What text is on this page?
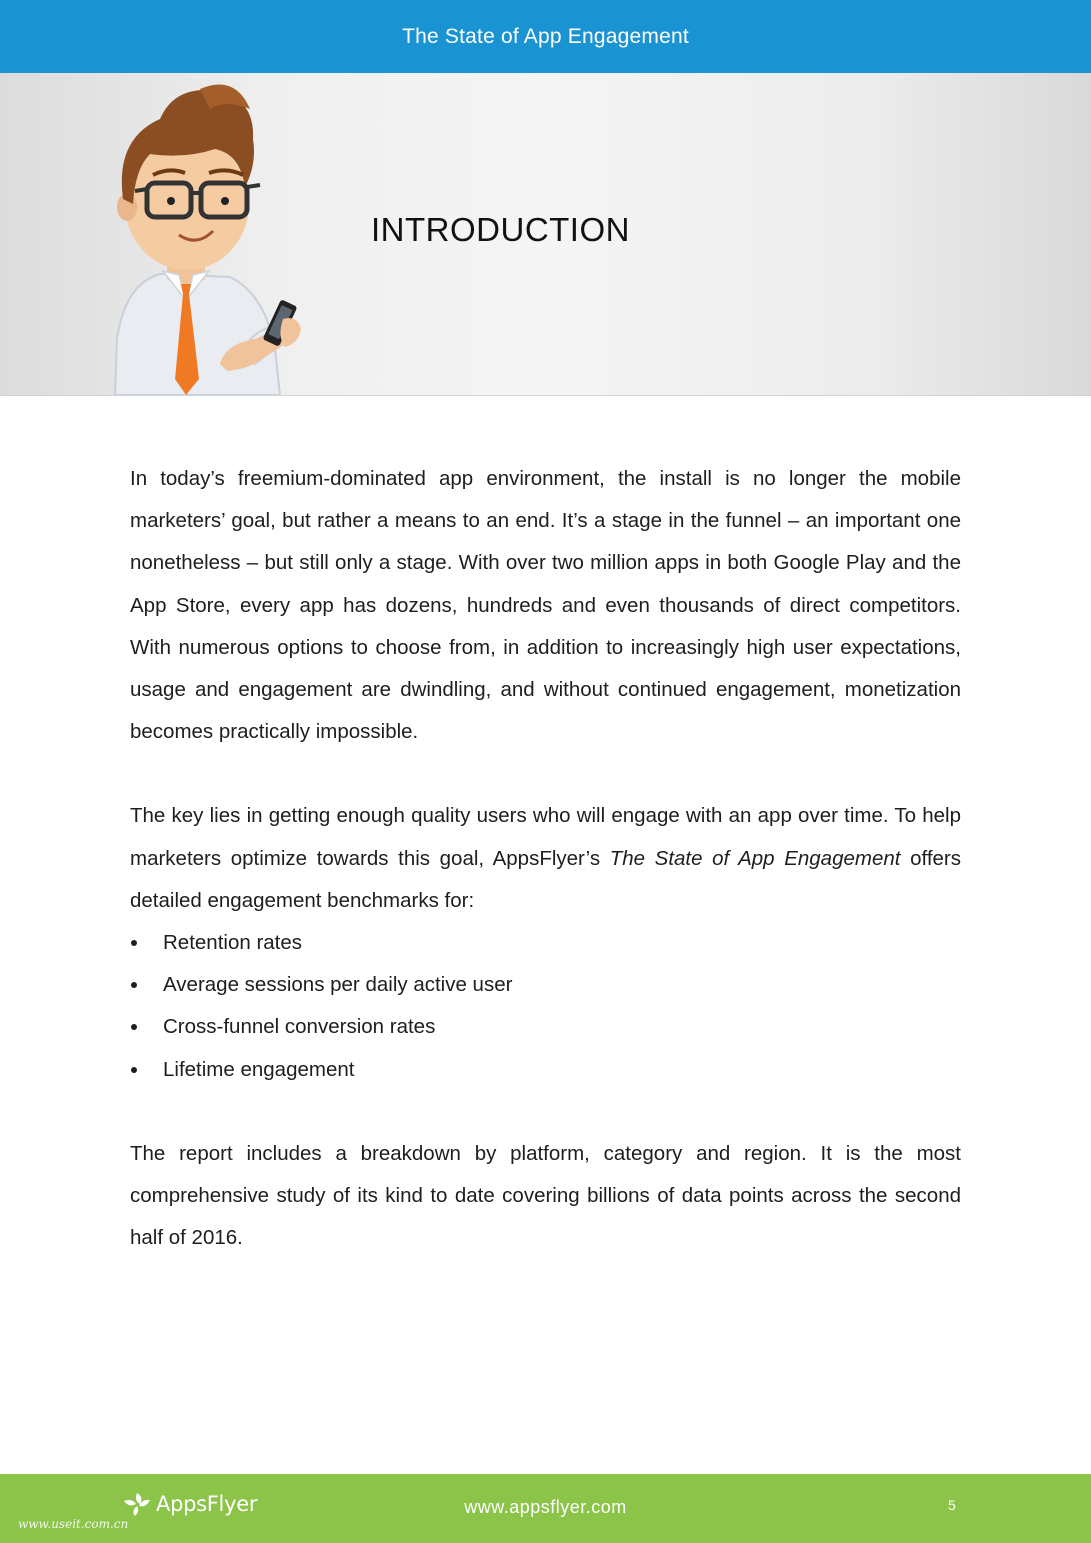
The State of App Engagement
INTRODUCTION

In today’s freemium-dominated app environment, the install is no longer the mobile marketers’ goal, but rather a means to an end. It’s a stage in the funnel – an important one nonetheless – but still only a stage. With over two million apps in both Google Play and the App Store, every app has dozens, hundreds and even thousands of direct competitors. With numerous options to choose from, in addition to increasingly high user expectations, usage and engagement are dwindling, and without continued engagement, monetization becomes practically impossible.

The key lies in getting enough quality users who will engage with an app over time. To help marketers optimize towards this goal, AppsFlyer’s The State of App Engagement offers detailed engagement benchmarks for:

Retention rates
Average sessions per daily active user
Cross-funnel conversion rates
Lifetime engagement

The report includes a breakdown by platform, category and region. It is the most comprehensive study of its kind to date covering billions of data points across the second half of 2016.

AppsFlyer
www.useit.com.cn
www.appsflyer.com	5
